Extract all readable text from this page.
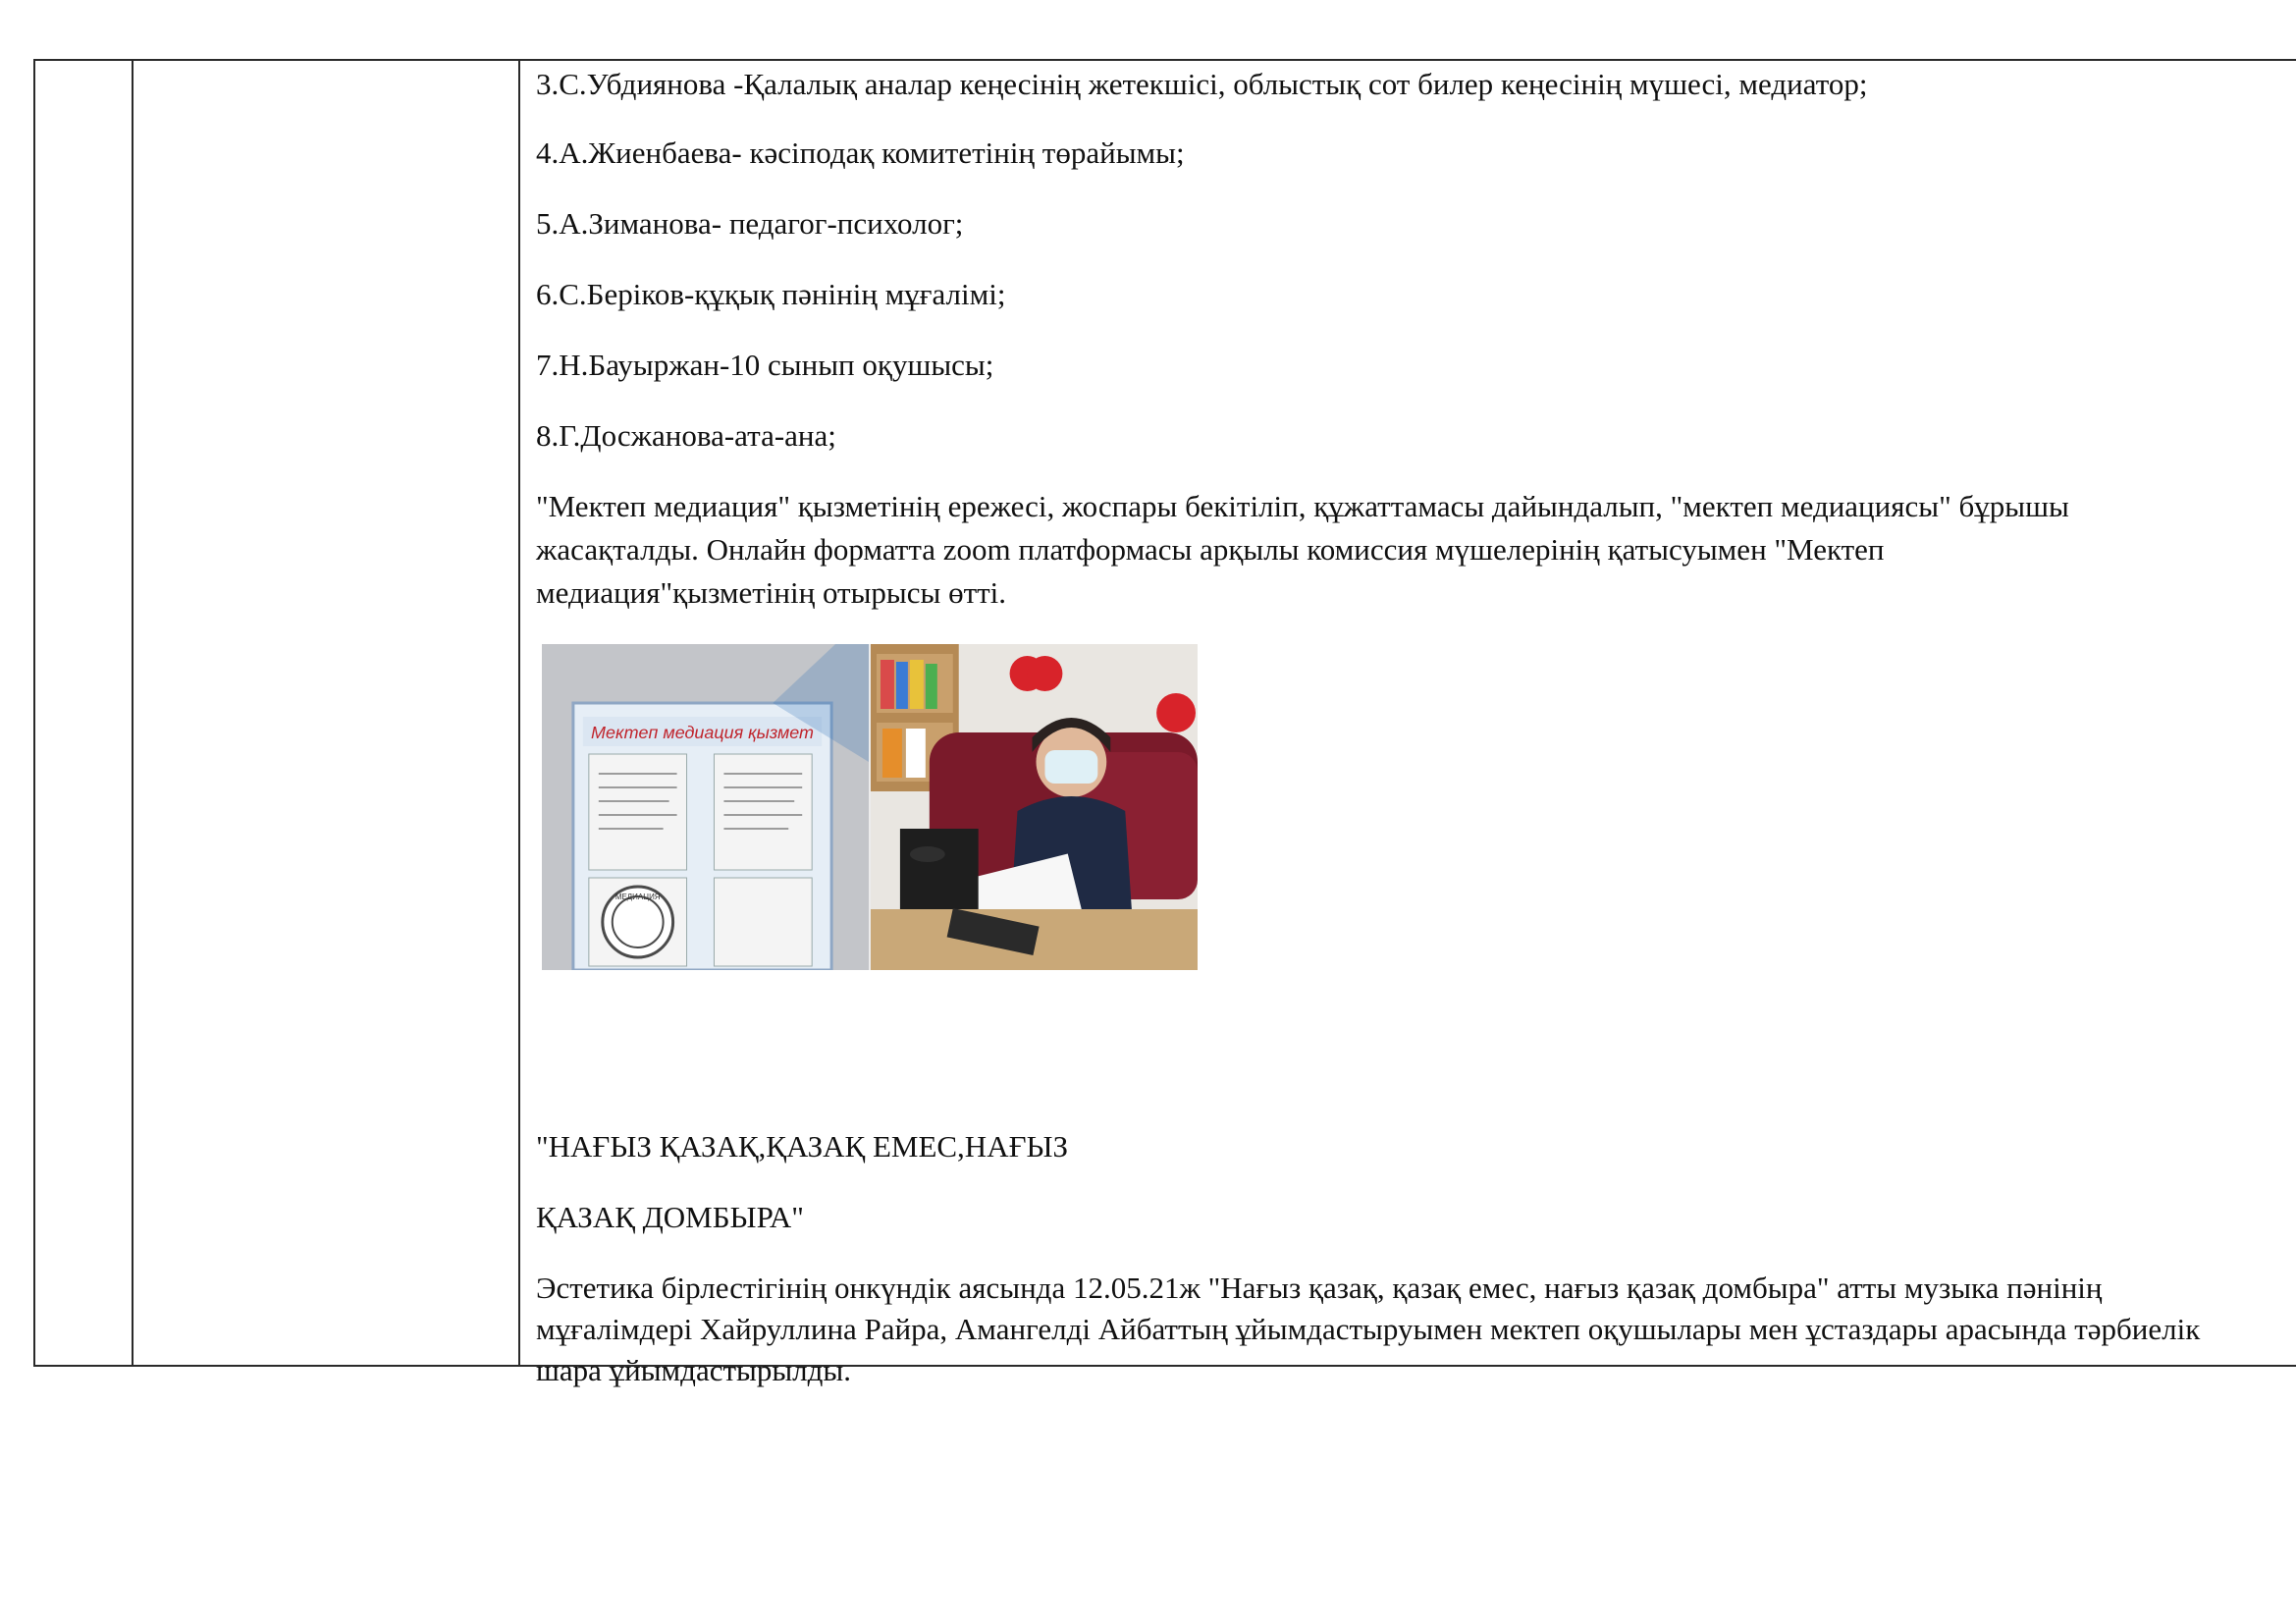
3.С.Убдиянова -Қалалық аналар кеңесінің жетекшісі, облыстық сот билер кеңесінің мүшесі, медиатор;
4.А.Жиенбаева- кәсіподақ комитетінің төрайымы;
5.А.Зиманова- педагог-психолог;
6.С.Беріков-құқық пәнінің мұғалімі;
7.Н.Бауыржан-10 сынып оқушысы;
8.Г.Досжанова-ата-ана;
"Мектеп медиация" қызметінің ережесі, жоспары бекітіліп, құжаттамасы дайындалып, "мектеп медиациясы" бұрышы
жасақталды. Онлайн форматта zoom платформасы арқылы комиссия мүшелерінің қатысуымен "Мектеп
медиация"қызметінің отырысы өтті.
Мектеп медиация қызмет
МЕДИАЦИЯ
"НАҒЫЗ ҚАЗАҚ,ҚАЗАҚ ЕМЕС,НАҒЫЗ
ҚАЗАҚ ДОМБЫРА"
Эстетика бірлестігінің онкүндік аясында 12.05.21ж "Нағыз қазақ, қазақ емес, нағыз қазақ домбыра" атты музыка пәнінің
мұғалімдері Хайруллина Райра, Амангелді Айбаттың ұйымдастыруымен мектеп оқушылары мен ұстаздары арасында тәрбиелік
шара ұйымдастырылды.
